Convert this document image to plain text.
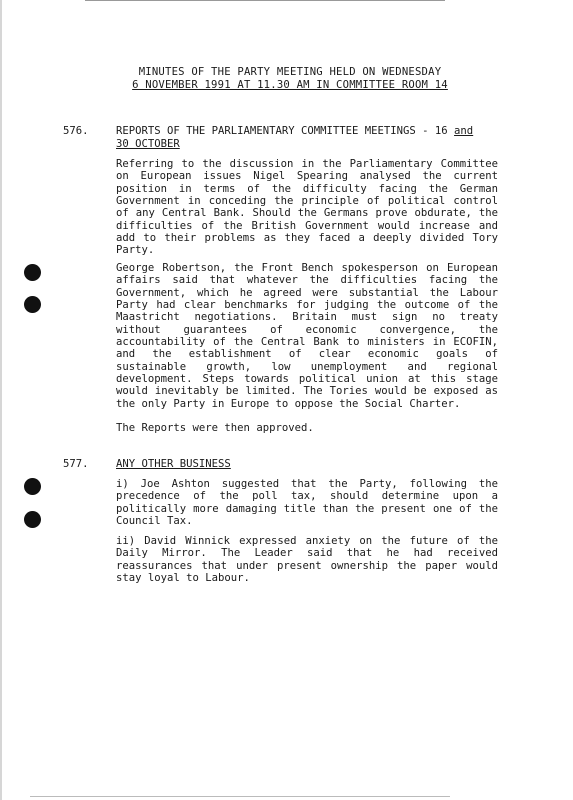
MINUTES OF THE PARTY MEETING HELD ON WEDNESDAY
6 NOVEMBER 1991 AT 11.30 AM IN COMMITTEE ROOM 14
576.	REPORTS OF THE PARLIAMENTARY COMMITTEE MEETINGS - 16 and
30 OCTOBER

Referring to the discussion in the Parliamentary Committee on European issues Nigel Spearing analysed the current position in terms of the difficulty facing the German Government in conceding the principle of political control of any Central Bank. Should the Germans prove obdurate, the difficulties of the British Government would increase and add to their problems as they faced a deeply divided Tory Party.

George Robertson, the Front Bench spokesperson on European affairs said that whatever the difficulties facing the Government, which he agreed were substantial the Labour Party had clear benchmarks for judging the outcome of the Maastricht negotiations. Britain must sign no treaty without guarantees of economic convergence, the accountability of the Central Bank to ministers in ECOFIN, and the establishment of clear economic goals of sustainable growth, low unemployment and regional development. Steps towards political union at this stage would inevitably be limited. The Tories would be exposed as the only Party in Europe to oppose the Social Charter.

The Reports were then approved.

577.	ANY OTHER BUSINESS

i) Joe Ashton suggested that the Party, following the precedence of the poll tax, should determine upon a politically more damaging title than the present one of the Council Tax.

ii) David Winnick expressed anxiety on the future of the Daily Mirror. The Leader said that he had received reassurances that under present ownership the paper would stay loyal to Labour.
